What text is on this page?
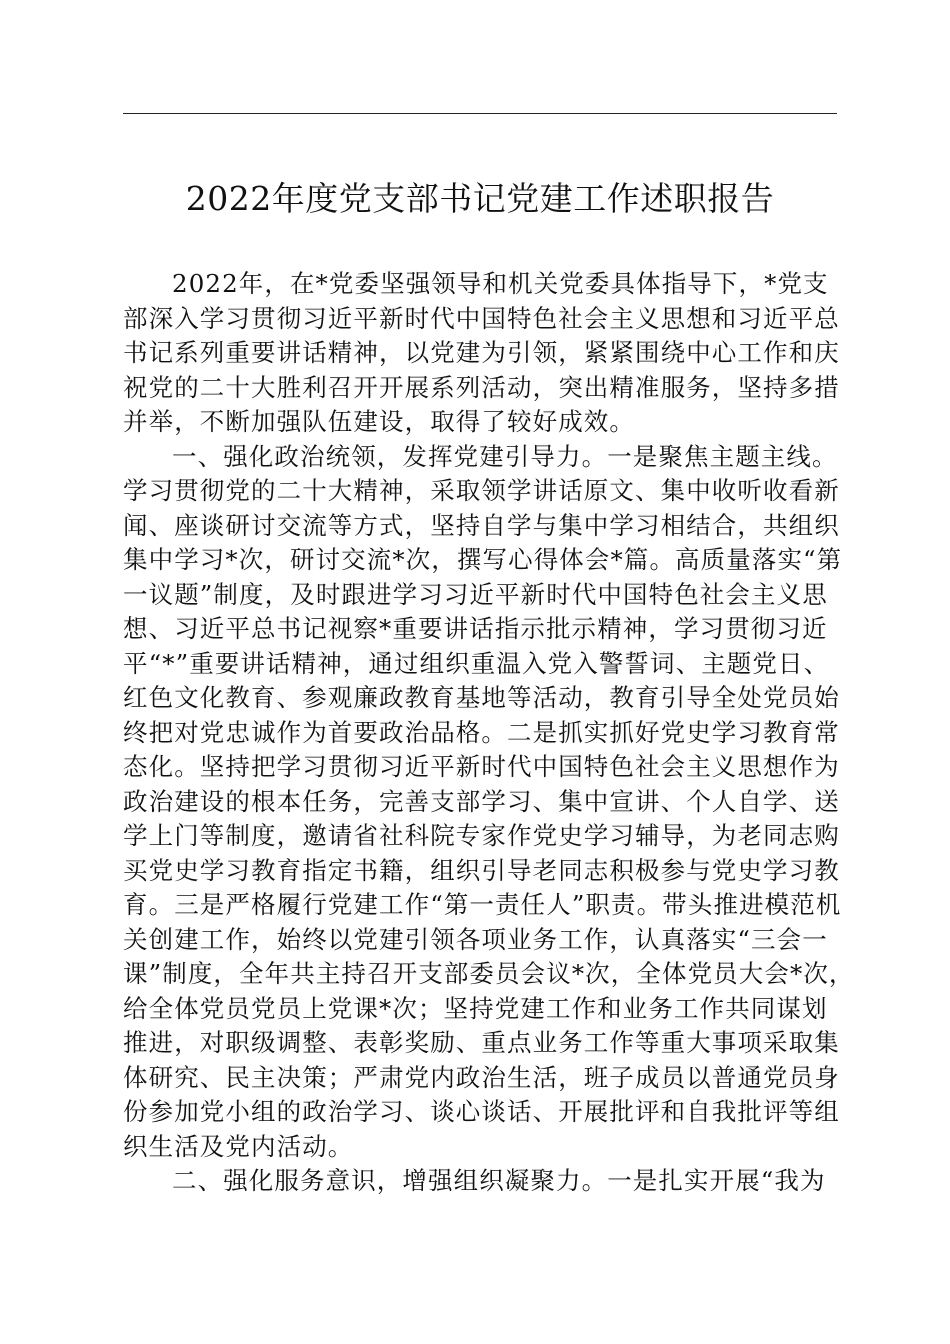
2022年度党支部书记党建工作述职报告

2022年，在*党委坚强领导和机关党委具体指导下，*党支
部深入学习贯彻习近平新时代中国特色社会主义思想和习近平总
书记系列重要讲话精神，以党建为引领，紧紧围绕中心工作和庆
祝党的二十大胜利召开开展系列活动，突出精准服务，坚持多措
并举，不断加强队伍建设，取得了较好成效。

一、强化政治统领，发挥党建引导力。一是聚焦主题主线。
学习贯彻党的二十大精神，采取领学讲话原文、集中收听收看新
闻、座谈研讨交流等方式，坚持自学与集中学习相结合，共组织
集中学习*次，研讨交流*次，撰写心得体会*篇。高质量落实“第
一议题”制度，及时跟进学习习近平新时代中国特色社会主义思
想、习近平总书记视察*重要讲话指示批示精神，学习贯彻习近
平“*”重要讲话精神，通过组织重温入党入警誓词、主题党日、
红色文化教育、参观廉政教育基地等活动，教育引导全处党员始
终把对党忠诚作为首要政治品格。二是抓实抓好党史学习教育常
态化。坚持把学习贯彻习近平新时代中国特色社会主义思想作为
政治建设的根本任务，完善支部学习、集中宣讲、个人自学、送
学上门等制度，邀请省社科院专家作党史学习辅导，为老同志购
买党史学习教育指定书籍，组织引导老同志积极参与党史学习教
育。三是严格履行党建工作“第一责任人”职责。带头推进模范机
关创建工作，始终以党建引领各项业务工作，认真落实“三会一
课”制度，全年共主持召开支部委员会议*次，全体党员大会*次，
给全体党员党员上党课*次；坚持党建工作和业务工作共同谋划
推进，对职级调整、表彰奖励、重点业务工作等重大事项采取集
体研究、民主决策；严肃党内政治生活，班子成员以普通党员身
份参加党小组的政治学习、谈心谈话、开展批评和自我批评等组
织生活及党内活动。

二、强化服务意识，增强组织凝聚力。一是扎实开展“我为
